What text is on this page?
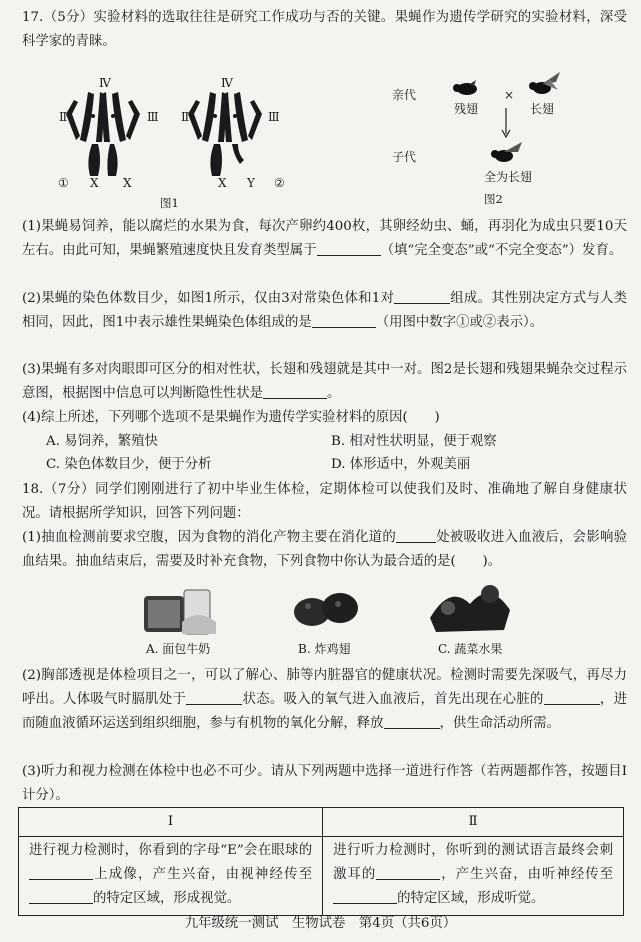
17.（5分）实验材料的选取往往是研究工作成功与否的关键。果蝇作为遗传学研究的实验材料，深受科学家的青睐。

Ⅳ	Ⅳ
Ⅱ	Ⅲ Ⅱ	Ⅲ
① X X	X Y ②
图1
亲代
残翅
×
长翅
子代
全为长翅
图2

(1)果蝇易饲养，能以腐烂的水果为食，每次产卵约400枚，其卵经幼虫、蛹，再羽化为成虫只要10天左右。由此可知，果蝇繁殖速度快且发育类型属于	（填“完全变态”或“不完全变态”）发育。

(2)果蝇的染色体数目少，如图1所示，仅由3对常染色体和1对	组成。其性别决定方式与人类相同，因此，图1中表示雄性果蝇染色体组成的是	（用图中数字①或②表示）。

(3)果蝇有多对肉眼即可区分的相对性状，长翅和残翅就是其中一对。图2是长翅和残翅果蝇杂交过程示意图，根据图中信息可以判断隐性性状是	。

(4)综上所述，下列哪个选项不是果蝇作为遗传学实验材料的原因(　　)

A. 易饲养，繁殖快	B. 相对性状明显，便于观察
C. 染色体数目少，便于分析	D. 体形适中，外观美丽

18.（7分）同学们刚刚进行了初中毕业生体检，定期体检可以使我们及时、准确地了解自身健康状况。请根据所学知识，回答下列问题：

(1)抽血检测前要求空腹，因为食物的消化产物主要在消化道的	处被吸收进入血液后，会影响验血结果。抽血结束后，需要及时补充食物，下列食物中你认为最合适的是(　　)。

A. 面包牛奶	B. 炸鸡翅	C. 蔬菜水果

(2)胸部透视是体检项目之一，可以了解心、肺等内脏器官的健康状况。检测时需要先深吸气，再尽力呼出。人体吸气时膈肌处于	状态。吸入的氧气进入血液后，首先出现在心脏的	，进而随血液循环运送到组织细胞，参与有机物的氧化分解，释放	，供生命活动所需。

(3)听力和视力检测在体检中也必不可少。请从下列两题中选择一道进行作答（若两题都作答，按题目Ⅰ计分）。

Ⅰ	Ⅱ
进行视力检测时，你看到的字母“E”会在眼球的上成像，产生兴奋，由视神经传至的特定区域，形成视觉。	进行听力检测时，你听到的测试语言最终会刺激耳的 ，产生兴奋，由听神经传至的特定区域，形成听觉。
九年级统一测试　生物试卷　第4页（共6页）
